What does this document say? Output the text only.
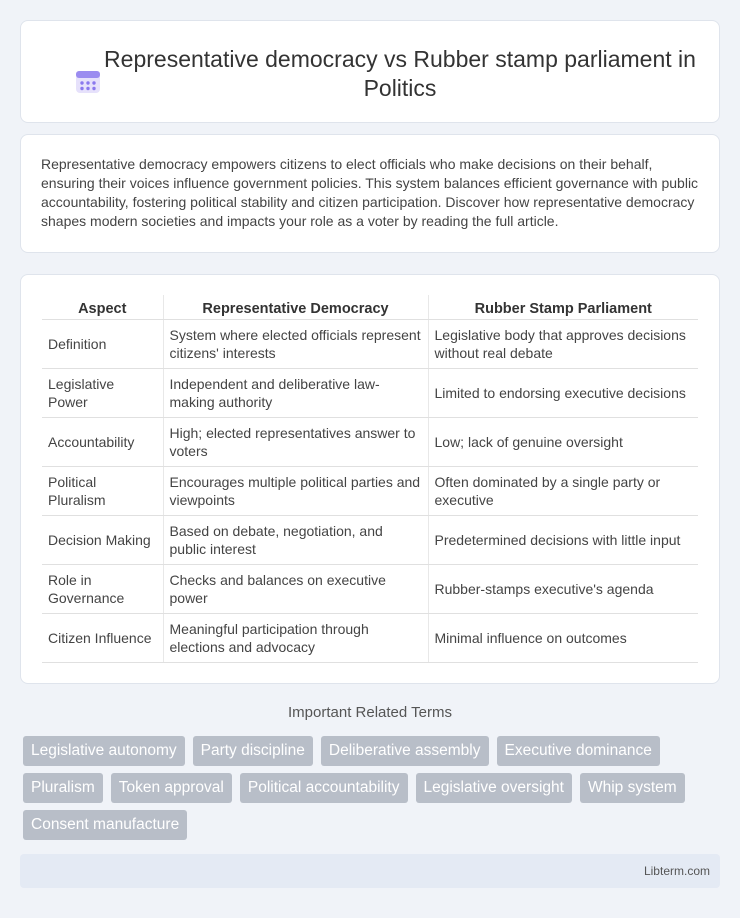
Representative democracy vs Rubber stamp parliament in Politics

Representative democracy empowers citizens to elect officials who make decisions on their behalf, ensuring their voices influence government policies. This system balances efficient governance with public accountability, fostering political stability and citizen participation. Discover how representative democracy shapes modern societies and impacts your role as a voter by reading the full article.

Aspect	Representative Democracy	Rubber Stamp Parliament
Definition	System where elected officials represent citizens' interests	Legislative body that approves decisions without real debate
Legislative Power	Independent and deliberative law-making authority	Limited to endorsing executive decisions
Accountability	High; elected representatives answer to voters	Low; lack of genuine oversight
Political Pluralism	Encourages multiple political parties and viewpoints	Often dominated by a single party or executive
Decision Making	Based on debate, negotiation, and public interest	Predetermined decisions with little input
Role in Governance	Checks and balances on executive power	Rubber-stamps executive's agenda
Citizen Influence	Meaningful participation through elections and advocacy	Minimal influence on outcomes
Important Related Terms
Legislative autonomy	Party discipline	Deliberative assembly	Executive dominance
Pluralism	Token approval	Political accountability	Legislative oversight	Whip system
Consent manufacture
Libterm.com
